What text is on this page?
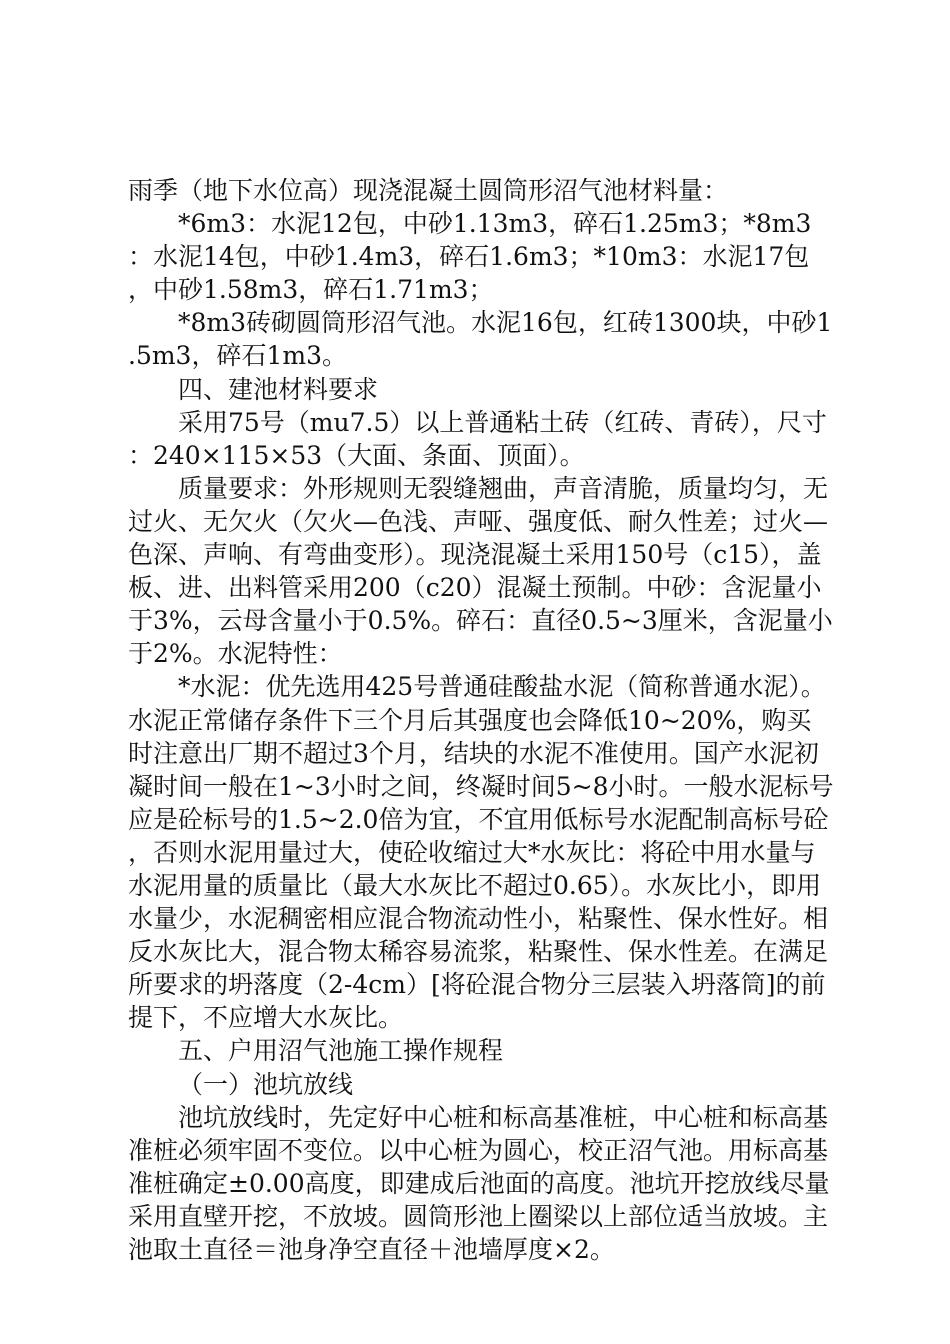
雨季（地下水位高）现浇混凝土圆筒形沼气池材料量：

*6m3：水泥12包，中砂1.13m3，碎石1.25m3；*8m3：水泥14包，中砂1.4m3，碎石1.6m3；*10m3：水泥17包，中砂1.58m3，碎石1.71m3；

*8m3砖砌圆筒形沼气池。水泥16包，红砖1300块，中砂1.5m3，碎石1m3。

四、建池材料要求

采用75号（mu7.5）以上普通粘土砖（红砖、青砖），尺寸：240×115×53（大面、条面、顶面）。

质量要求：外形规则无裂缝翘曲，声音清脆，质量均匀，无过火、无欠火（欠火—色浅、声哑、强度低、耐久性差；过火—色深、声响、有弯曲变形）。现浇混凝土采用150号（c15），盖板、进、出料管采用200（c20）混凝土预制。中砂：含泥量小于3%，云母含量小于0.5%。碎石：直径0.5~3厘米，含泥量小于2%。水泥特性：

*水泥：优先选用425号普通硅酸盐水泥（简称普通水泥）。水泥正常储存条件下三个月后其强度也会降低10~20%，购买时注意出厂期不超过3个月，结块的水泥不准使用。国产水泥初凝时间一般在1~3小时之间，终凝时间5~8小时。一般水泥标号应是砼标号的1.5~2.0倍为宜，不宜用低标号水泥配制高标号砼，否则水泥用量过大，使砼收缩过大*水灰比：将砼中用水量与水泥用量的质量比（最大水灰比不超过0.65）。水灰比小，即用水量少，水泥稠密相应混合物流动性小，粘聚性、保水性好。相反水灰比大，混合物太稀容易流浆，粘聚性、保水性差。在满足所要求的坍落度（2-4cm）[将砼混合物分三层装入坍落筒]的前提下，不应增大水灰比。

五、户用沼气池施工操作规程

（一）池坑放线

池坑放线时，先定好中心桩和标高基准桩，中心桩和标高基准桩必须牢固不变位。以中心桩为圆心，校正沼气池。用标高基准桩确定±0.00高度，即建成后池面的高度。池坑开挖放线尽量采用直壁开挖，不放坡。圆筒形池上圈梁以上部位适当放坡。主池取土直径＝池身净空直径＋池墙厚度×2。
